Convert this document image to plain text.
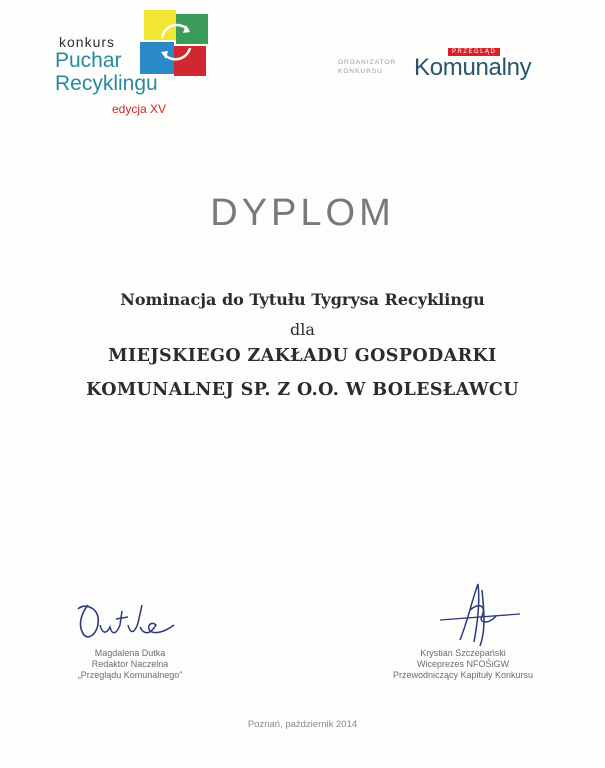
konkurs
Puchar
Recyklingu
edycja XV
ORGANIZATOR
KONKURSU
PRZEGLĄD
Komunalny
DYPLOM
Nominacja do Tytułu Tygrysa Recyklingu
dla
MIEJSKIEGO ZAKŁADU GOSPODARKI
KOMUNALNEJ SP. Z O.O. W BOLESŁAWCU
Magdalena Dutka
Redaktor Naczelna
„Przeglądu Komunalnego”
Krystian Szczepański
Wiceprezes NFOŚiGW
Przewodniczący Kapituły Konkursu
Poznań, październik 2014
